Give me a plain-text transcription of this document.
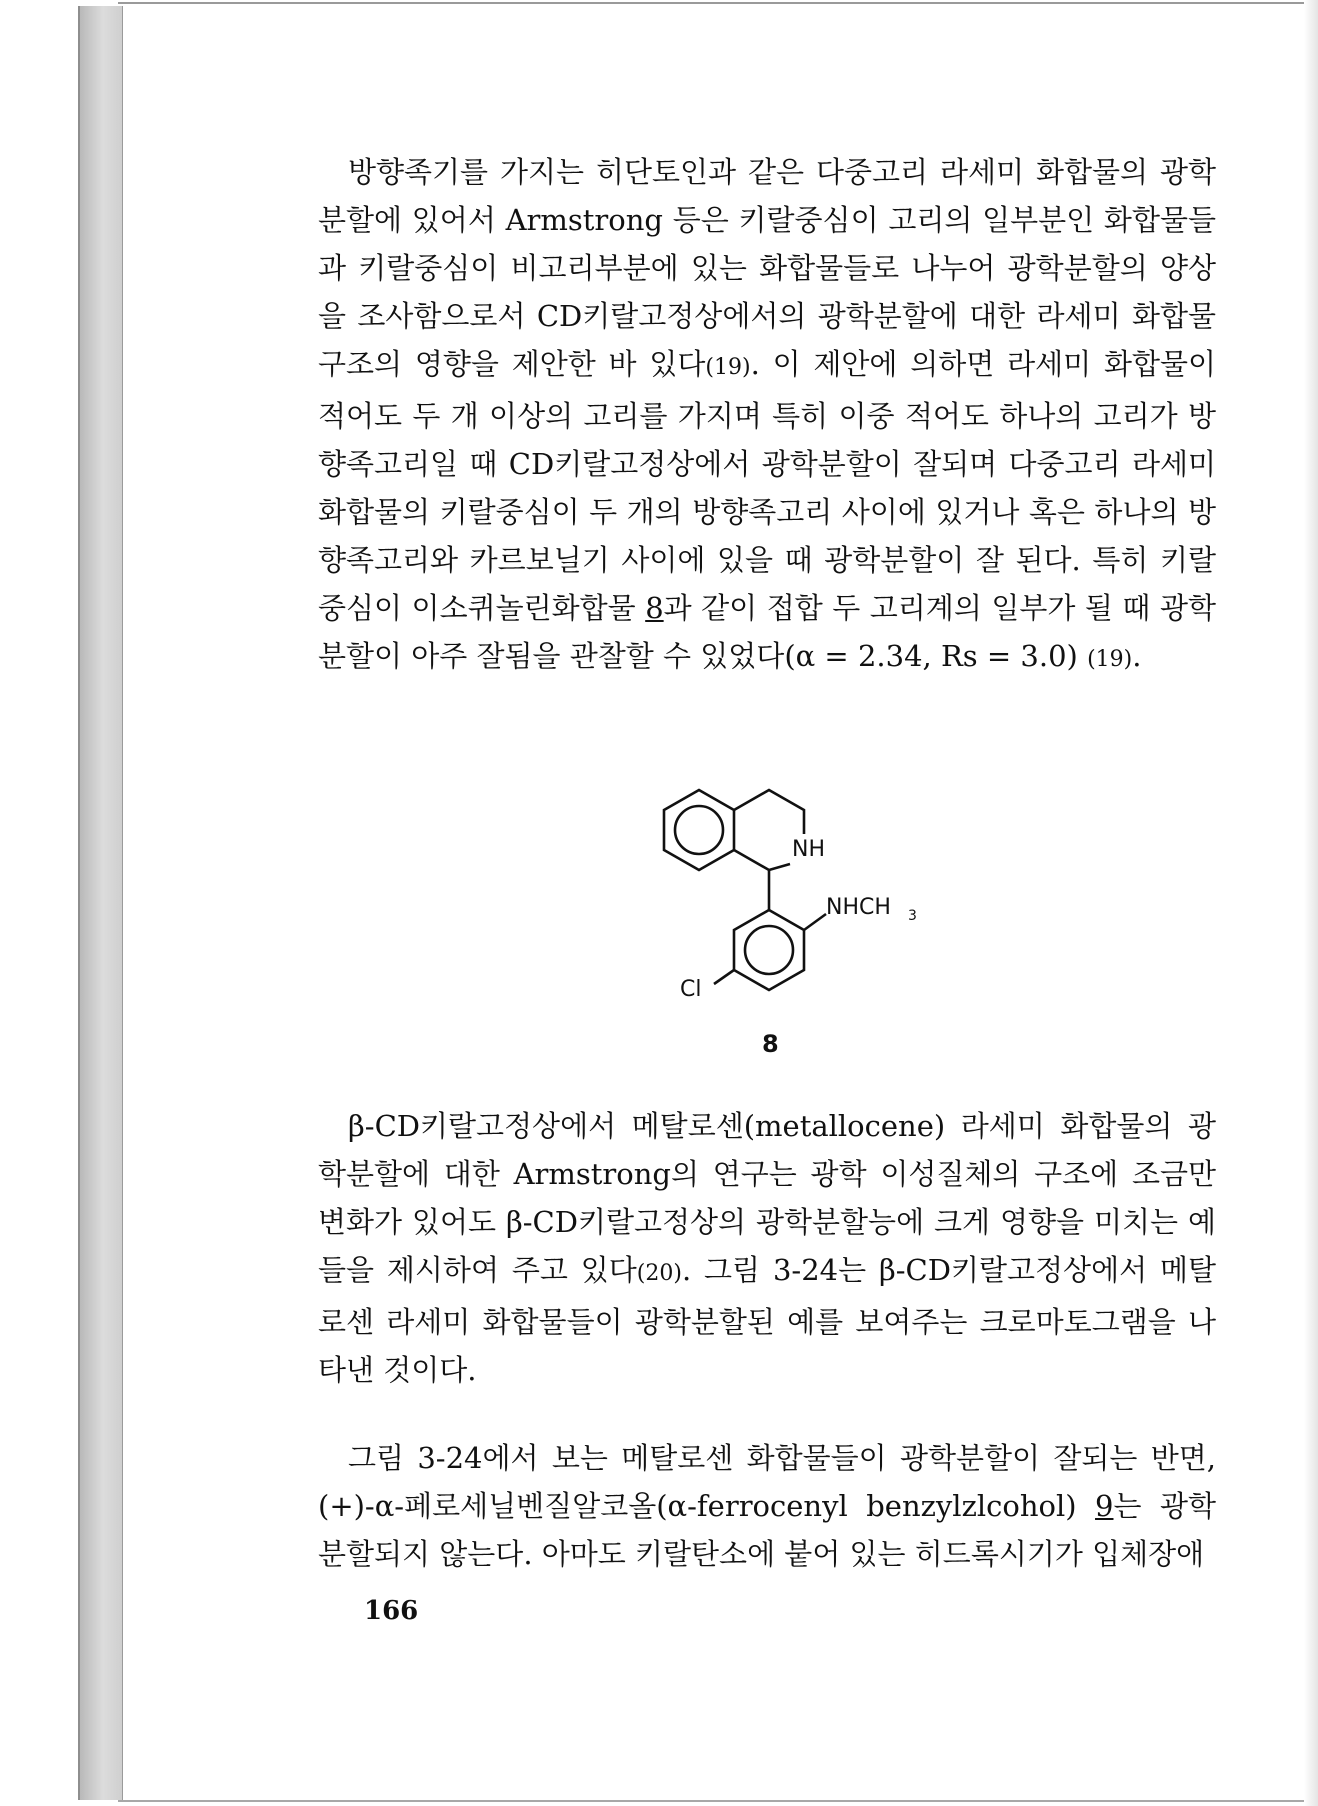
방향족기를 가지는 히단토인과 같은 다중고리 라세미 화합물의 광학분할에 있어서 Armstrong 등은 키랄중심이 고리의 일부분인 화합물들과 키랄중심이 비고리부분에 있는 화합물들로 나누어 광학분할의 양상을 조사함으로서 CD키랄고정상에서의 광학분할에 대한 라세미 화합물 구조의 영향을 제안한 바 있다(19). 이 제안에 의하면 라세미 화합물이 적어도 두 개 이상의 고리를 가지며 특히 이중 적어도 하나의 고리가 방향족고리일 때 CD키랄고정상에서 광학분할이 잘되며 다중고리 라세미 화합물의 키랄중심이 두 개의 방향족고리 사이에 있거나 혹은 하나의 방향족고리와 카르보닐기 사이에 있을 때 광학분할이 잘 된다. 특히 키랄중심이 이소퀴놀린화합물 8과 같이 접합 두 고리계의 일부가 될 때 광학분할이 아주 잘됨을 관찰할 수 있었다(α = 2.34, Rs = 3.0) (19).

NH
NHCH 3
Cl
8

β-CD키랄고정상에서 메탈로센(metallocene) 라세미 화합물의 광학분할에 대한 Armstrong의 연구는 광학 이성질체의 구조에 조금만 변화가 있어도 β-CD키랄고정상의 광학분할능에 크게 영향을 미치는 예들을 제시하여 주고 있다(20). 그림 3-24는 β-CD키랄고정상에서 메탈로센 라세미 화합물들이 광학분할된 예를 보여주는 크로마토그램을 나타낸 것이다.

그림 3-24에서 보는 메탈로센 화합물들이 광학분할이 잘되는 반면, (+)-α-페로세닐벤질알코올(α-ferrocenyl benzylzlcohol) 9는 광학분할되지 않는다. 아마도 키랄탄소에 붙어 있는 히드록시기가 입체장애

166
